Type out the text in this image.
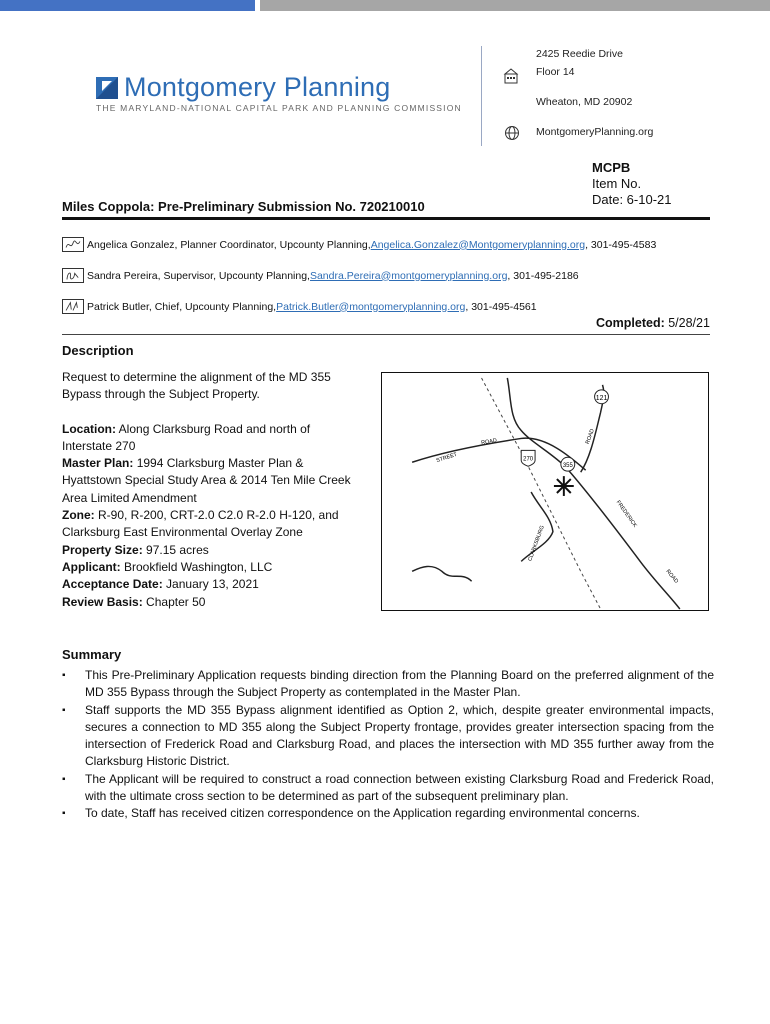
Montgomery Planning
THE MARYLAND-NATIONAL CAPITAL PARK AND PLANNING COMMISSION
2425 Reedie Drive
Floor 14
Wheaton, MD 20902
MontgomeryPlanning.org
MCPB
Item No.
Date: 6-10-21
Miles Coppola: Pre-Preliminary Submission No. 720210010
Angelica Gonzalez, Planner Coordinator, Upcounty Planning, Angelica.Gonzalez@Montgomeryplanning.org , 301-495-4583
Sandra Pereira, Supervisor, Upcounty Planning, Sandra.Pereira@montgomeryplanning.org , 301-495-2186
Patrick Butler, Chief, Upcounty Planning, Patrick.Butler@montgomeryplanning.org , 301-495-4561
Completed: 5/28/21
Description

Request to determine the alignment of the MD 355 Bypass through the Subject Property.

Location: Along Clarksburg Road and north of Interstate 270

Master Plan: 1994 Clarksburg Master Plan & Hyattstown Special Study Area & 2014 Ten Mile Creek Area Limited Amendment

Zone: R-90, R-200, CRT-2.0 C2.0 R-2.0 H-120, and Clarksburg East Environmental Overlay Zone

Property Size: 97.15 acres

Applicant: Brookfield Washington, LLC

Acceptance Date: January 13, 2021

Review Basis: Chapter 50

121
270
355
ROAD
STREET
ROAD
FREDERICK
ROAD
CLARKSBURG
Summary
▪ This Pre-Preliminary Application requests binding direction from the Planning Board on the preferred alignment of the MD 355 Bypass through the Subject Property as contemplated in the Master Plan.
▪ Staff supports the MD 355 Bypass alignment identified as Option 2, which, despite greater environmental impacts, secures a connection to MD 355 along the Subject Property frontage, provides greater intersection spacing from the intersection of Frederick Road and Clarksburg Road, and places the intersection with MD 355 further away from the Clarksburg Historic District.
▪ The Applicant will be required to construct a road connection between existing Clarksburg Road and Frederick Road, with the ultimate cross section to be determined as part of the subsequent preliminary plan.
▪ To date, Staff has received citizen correspondence on the Application regarding environmental concerns.
